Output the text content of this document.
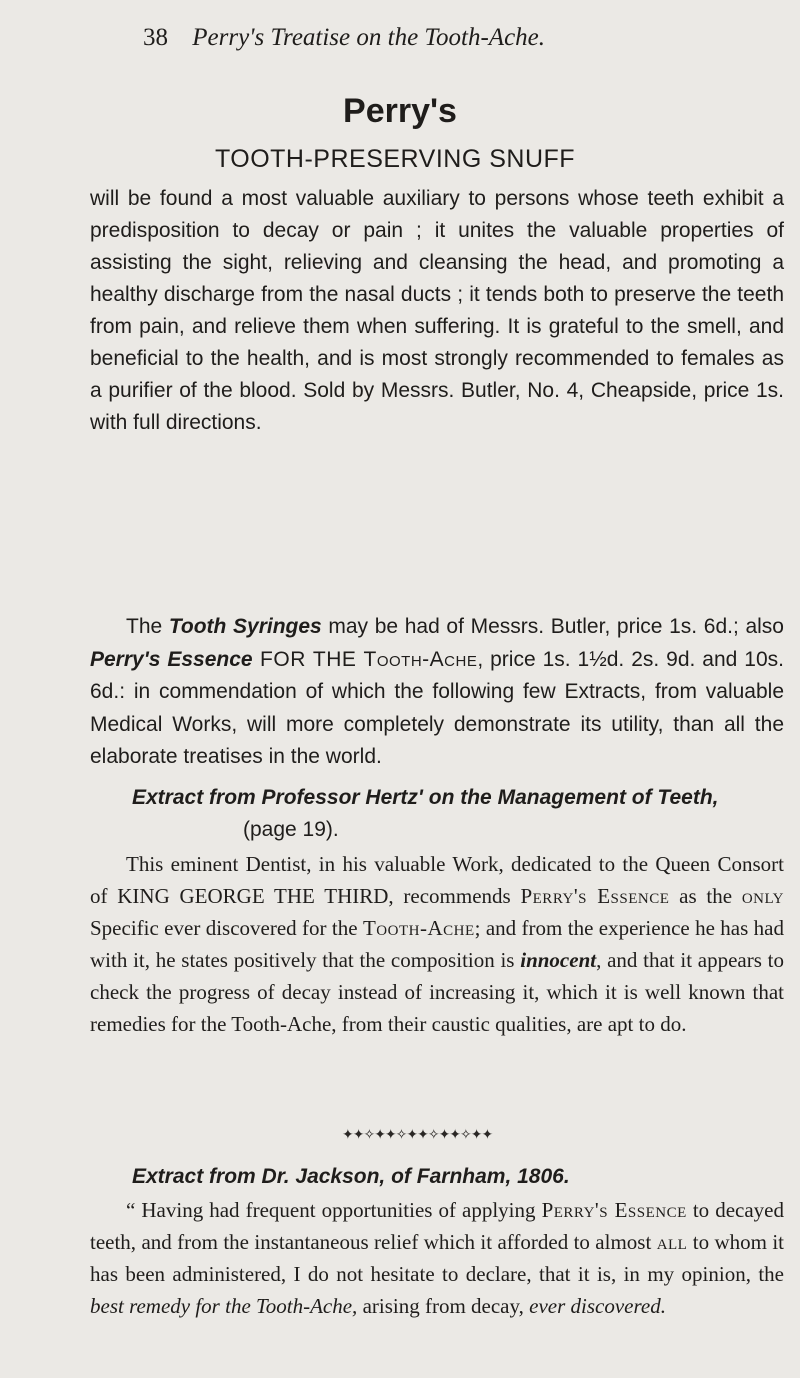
38 Perry's Treatise on the Tooth-Ache.
Perry's
TOOTH-PRESERVING SNUFF
will be found a most valuable auxiliary to persons whose teeth exhibit a predisposition to decay or pain ; it unites the valuable properties of assisting the sight, relieving and cleansing the head, and promoting a healthy discharge from the nasal ducts ; it tends both to preserve the teeth from pain, and relieve them when suffering. It is grateful to the smell, and beneficial to the health, and is most strongly recommended to females as a purifier of the blood. Sold by Messrs. Butler, No. 4, Cheapside, price 1s. with full directions.
The Tooth Syringes may be had of Messrs. Butler, price 1s. 6d.; also Perry's Essence FOR THE Tooth-Ache, price 1s. 1½d. 2s. 9d. and 10s. 6d.: in commendation of which the following few Extracts, from valuable Medical Works, will more completely demonstrate its utility, than all the elaborate treatises in the world.
Extract from Professor Hertz' on the Management of Teeth,
(page 19).
This eminent Dentist, in his valuable Work, dedicated to the Queen Consort of KING GEORGE THE THIRD, recommends Perry's Essence as the only Specific ever discovered for the Tooth-Ache; and from the experience he has had with it, he states positively that the composition is innocent, and that it appears to check the progress of decay instead of increasing it, which it is well known that remedies for the Tooth-Ache, from their caustic qualities, are apt to do.
✦✦✧✦✦✧✦✦✧✦✦✧✦✦
Extract from Dr. Jackson, of Farnham, 1806.
“ Having had frequent opportunities of applying Perry's Essence to decayed teeth, and from the instantaneous relief which it afforded to almost all to whom it has been administered, I do not hesitate to declare, that it is, in my opinion, the best remedy for the Tooth-Ache, arising from decay, ever discovered.
